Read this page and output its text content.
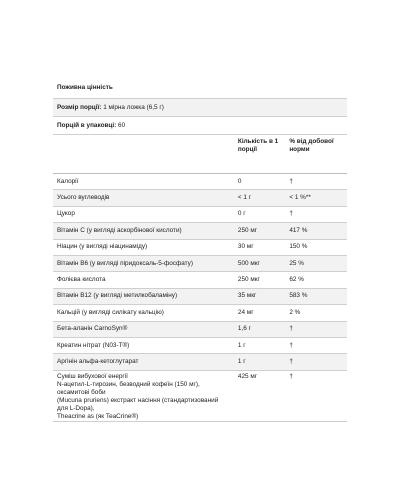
Поживна цінність		
Розмір порції: 1 мірна ложка (6,5 г)		
Порцій в упаковці: 60		
	Кількість в 1 порції	% від добової норми
Калорії	0	†
Усього вуглеводів	< 1 г	< 1 %**
Цукор	0 г	†
Вітамін C (у вигляді аскорбінової кислоти)	250 мг	417 %
Ніацин (у вигляді ніацинаміду)	30 мг	150 %
Вітамін B6 (у вигляді піридоксаль-5-фосфату)	500 мкг	25 %
Фолієва кислота	250 мкг	62 %
Вітамін B12 (у вигляді метилкобаламіну)	35 мкг	583 %
Кальцій (у вигляді силікату кальцію)	24 мг	2 %
Бета-аланін CarnoSyn®	1,6 г	†
Креатин нітрат (N03-T®)	1 г	†
Аргінін альфа-кетоглутарат	1 г	†
Суміш вибухової енергії
N-ацетил-L-тирозин, безводний кофеїн (150 мг), оксамитові боби
(Mucuna pruriens) екстракт насіння (стандартизований для L-Dopa),
Theacrine as (як TeaCrine®)	425 мг	†
